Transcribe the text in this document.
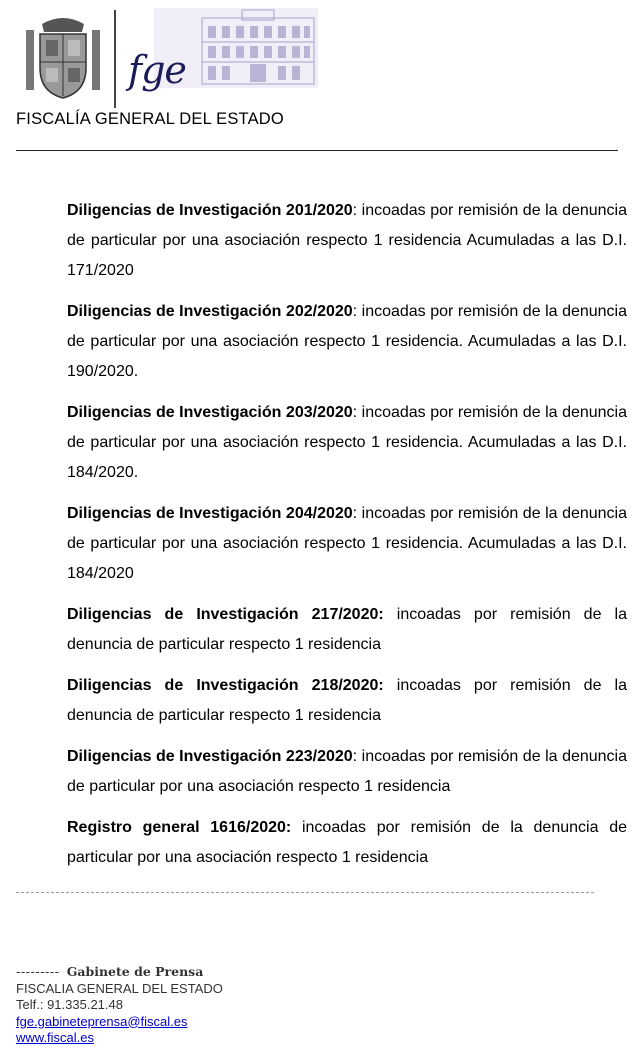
fge
FISCALÍA GENERAL DEL ESTADO

Diligencias de Investigación 201/2020: incoadas por remisión de la denuncia de particular por una asociación respecto 1 residencia Acumuladas a las D.I. 171/2020

Diligencias de Investigación 202/2020: incoadas por remisión de la denuncia de particular por una asociación respecto 1 residencia. Acumuladas a las D.I. 190/2020.

Diligencias de Investigación 203/2020: incoadas por remisión de la denuncia de particular por una asociación respecto 1 residencia. Acumuladas a las D.I. 184/2020.

Diligencias de Investigación 204/2020: incoadas por remisión de la denuncia de particular por una asociación respecto 1 residencia. Acumuladas a las D.I. 184/2020

Diligencias de Investigación 217/2020: incoadas por remisión de la denuncia de particular respecto 1 residencia

Diligencias de Investigación 218/2020: incoadas por remisión de la denuncia de particular respecto 1 residencia

Diligencias de Investigación 223/2020: incoadas por remisión de la denuncia de particular por una asociación respecto 1 residencia

Registro general 1616/2020: incoadas por remisión de la denuncia de particular por una asociación respecto 1 residencia

--------- Gabinete de Prensa
FISCALIA GENERAL DEL ESTADO
Telf.: 91.335.21.48
fge.gabineteprensa@fiscal.es
www.fiscal.es
